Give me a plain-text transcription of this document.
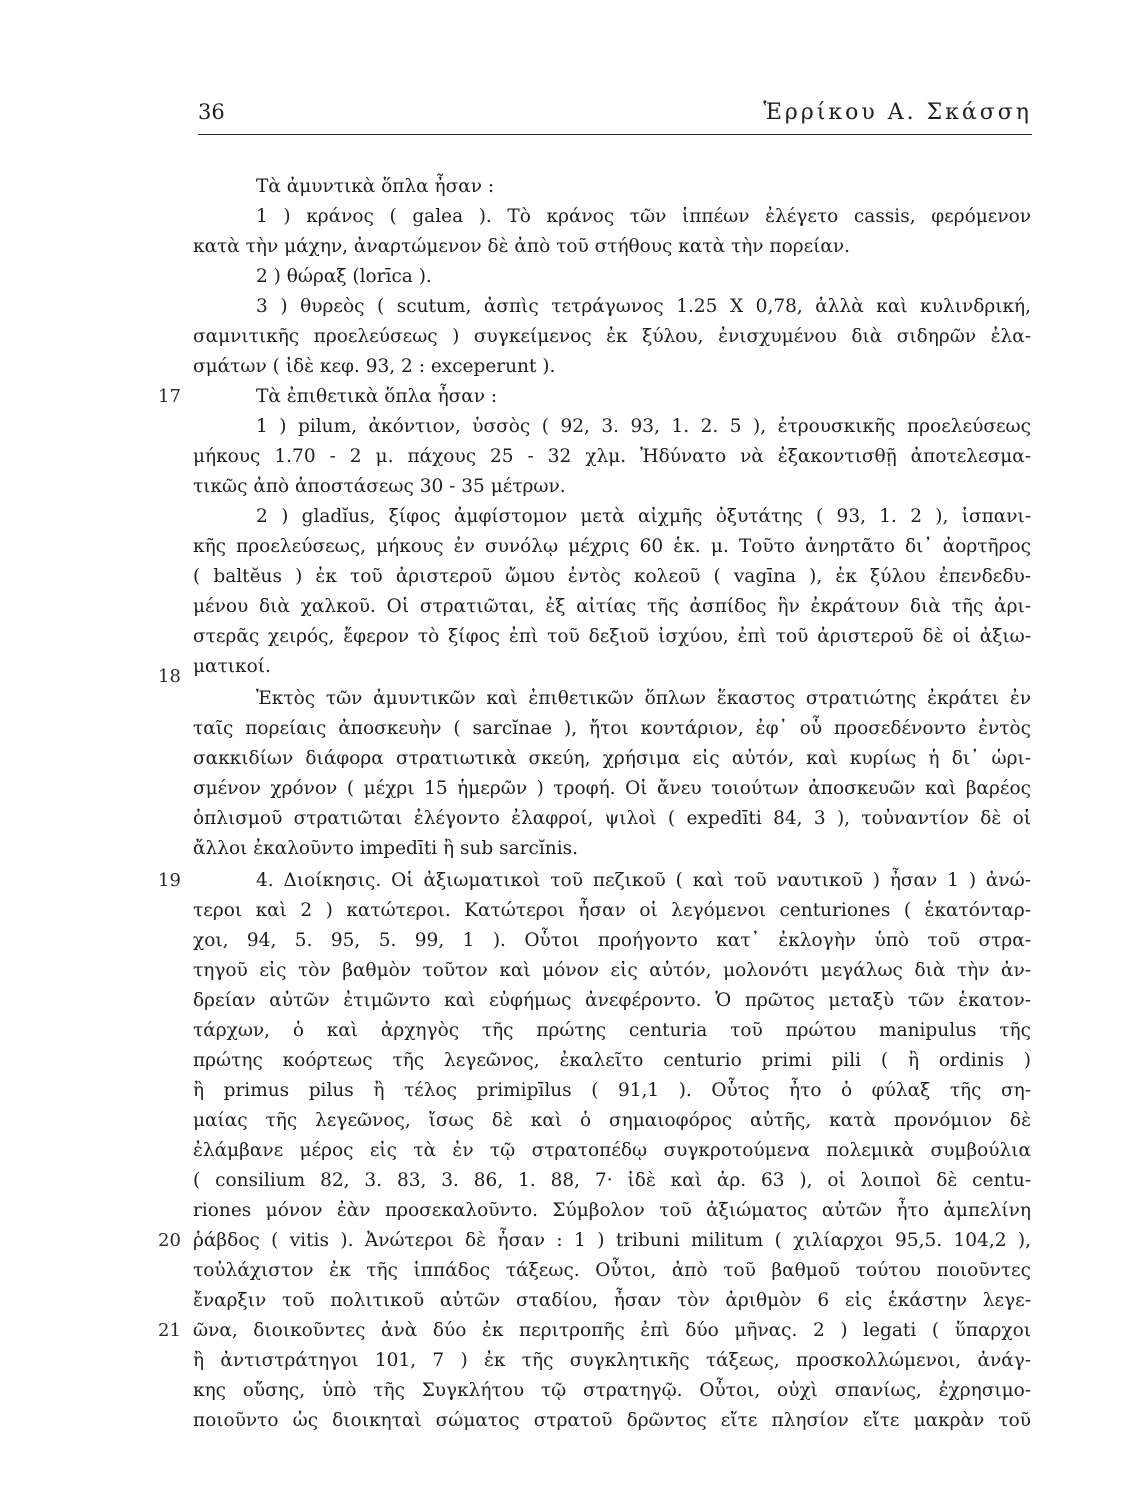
36	Ἑρρίκου Α. Σκάσση
Τὰ ἀμυντικὰ ὅπλα ἦσαν :
1 ) κράνος ( galea ). Τὸ κράνος τῶν ἱππέων ἐλέγετο cassis, φερόμενον
κατὰ τὴν μάχην, ἀναρτώμενον δὲ ἀπὸ τοῦ στήθους κατὰ τὴν πορείαν.
2 ) θώραξ (lorīca ).
3 ) θυρεὸς ( scutum, ἀσπὶς τετράγωνος 1.25 X 0,78, ἀλλὰ καὶ κυλινδρική,
σαμνιτικῆς προελεύσεως ) συγκείμενος ἐκ ξύλου, ἐνισχυμένου διὰ σιδηρῶν ἐλα-
σμάτων ( ἰδὲ κεφ. 93, 2 : exceperunt ).
17	Τὰ ἐπιθετικὰ ὅπλα ἦσαν :
1 ) pilum, ἀκόντιον, ὑσσὸς ( 92, 3. 93, 1. 2. 5 ), ἐτρουσκικῆς προελεύσεως
μήκους 1.70 - 2 μ. πάχους 25 - 32 χλμ. Ἠδύνατο νὰ ἐξακοντισθῇ ἀποτελεσμα-
τικῶς ἀπὸ ἀποστάσεως 30 - 35 μέτρων.
2 ) gladĭus, ξίφος ἀμφίστομον μετὰ αἰχμῆς ὀξυτάτης ( 93, 1. 2 ), ἱσπανι-
κῆς προελεύσεως, μήκους ἐν συνόλῳ μέχρις 60 ἑκ. μ. Τοῦτο ἀνηρτᾶτο δι᾽ ἀορτῆρος
( baltĕus ) ἐκ τοῦ ἀριστεροῦ ὤμου ἐντὸς κολεοῦ ( vagīna ), ἐκ ξύλου ἐπενδεδυ-
μένου διὰ χαλκοῦ. Οἱ στρατιῶται, ἐξ αἰτίας τῆς ἀσπίδος ἣν ἐκράτουν διὰ τῆς ἀρι-
στερᾶς χειρός, ἔφερον τὸ ξίφος ἐπὶ τοῦ δεξιοῦ ἰσχύου, ἐπὶ τοῦ ἀριστεροῦ δὲ οἱ ἀξιω-
ματικοί.
18
Ἐκτὸς τῶν ἀμυντικῶν καὶ ἐπιθετικῶν ὅπλων ἕκαστος στρατιώτης ἐκράτει ἐν
ταῖς πορείαις ἀποσκευὴν ( sarcĭnae ), ἤτοι κοντάριον, ἐφ᾽ οὗ προσεδένοντο ἐντὸς
σακκιδίων διάφορα στρατιωτικὰ σκεύη, χρήσιμα εἰς αὐτόν, καὶ κυρίως ἡ δι᾽ ὡρι-
σμένον χρόνον ( μέχρι 15 ἡμερῶν ) τροφή. Οἱ ἄνευ τοιούτων ἀποσκευῶν καὶ βαρέος
ὁπλισμοῦ στρατιῶται ἐλέγοντο ἐλαφροί, ψιλοὶ ( expedīti 84, 3 ), τοὐναντίον δὲ οἱ
ἄλλοι ἐκαλοῦντο impedīti ἢ sub sarcĭnis.
19	4. Διοίκησις. Οἱ ἀξιωματικοὶ τοῦ πεζικοῦ ( καὶ τοῦ ναυτικοῦ ) ἦσαν 1 ) ἀνώ-
τεροι καὶ 2 ) κατώτεροι. Κατώτεροι ἦσαν οἱ λεγόμενοι centuriones ( ἑκατόνταρ-
χοι, 94, 5. 95, 5. 99, 1 ). Οὗτοι προήγοντο κατ᾽ ἐκλογὴν ὑπὸ τοῦ στρα-
τηγοῦ εἰς τὸν βαθμὸν τοῦτον καὶ μόνον εἰς αὐτόν, μολονότι μεγάλως διὰ τὴν ἀν-
δρείαν αὐτῶν ἐτιμῶντο καὶ εὐφήμως ἀνεφέροντο. Ὁ πρῶτος μεταξὺ τῶν ἑκατον-
τάρχων, ὁ καὶ ἀρχηγὸς τῆς πρώτης centuria τοῦ πρώτου manipulus τῆς
πρώτης κοόρτεως τῆς λεγεῶνος, ἐκαλεῖτο centurio primi pili ( ἢ ordinis )
ἢ primus pilus ἢ τέλος primipīlus ( 91,1 ). Οὗτος ἦτο ὁ φύλαξ τῆς ση-
μαίας τῆς λεγεῶνος, ἴσως δὲ καὶ ὁ σημαιοφόρος αὐτῆς, κατὰ προνόμιον δὲ
ἐλάμβανε μέρος εἰς τὰ ἐν τῷ στρατοπέδῳ συγκροτούμενα πολεμικὰ συμβούλια
( consilium 82, 3. 83, 3. 86, 1. 88, 7· ἰδὲ καὶ ἀρ. 63 ), οἱ λοιποὶ δὲ centu-
riones μόνον ἐὰν προσεκαλοῦντο. Σύμβολον τοῦ ἀξιώματος αὐτῶν ἦτο ἀμπελίνη
20 ῥάβδος ( vitis ). Ἀνώτεροι δὲ ἦσαν : 1 ) tribuni militum ( χιλίαρχοι 95,5. 104,2 ),
τοὐλάχιστον ἐκ τῆς ἱππάδος τάξεως. Οὗτοι, ἀπὸ τοῦ βαθμοῦ τούτου ποιοῦντες
ἔναρξιν τοῦ πολιτικοῦ αὐτῶν σταδίου, ἦσαν τὸν ἀριθμὸν 6 εἰς ἑκάστην λεγε-
21 ῶνα, διοικοῦντες ἀνὰ δύο ἐκ περιτροπῆς ἐπὶ δύο μῆνας. 2 ) legati ( ὕπαρχοι
ἢ ἀντιστράτηγοι 101, 7 ) ἐκ τῆς συγκλητικῆς τάξεως, προσκολλώμενοι, ἀνάγ-
κης οὔσης, ὑπὸ τῆς Συγκλήτου τῷ στρατηγῷ. Οὗτοι, οὐχὶ σπανίως, ἐχρησιμο-
ποιοῦντο ὡς διοικηταὶ σώματος στρατοῦ δρῶντος εἴτε πλησίον εἴτε μακρὰν τοῦ
